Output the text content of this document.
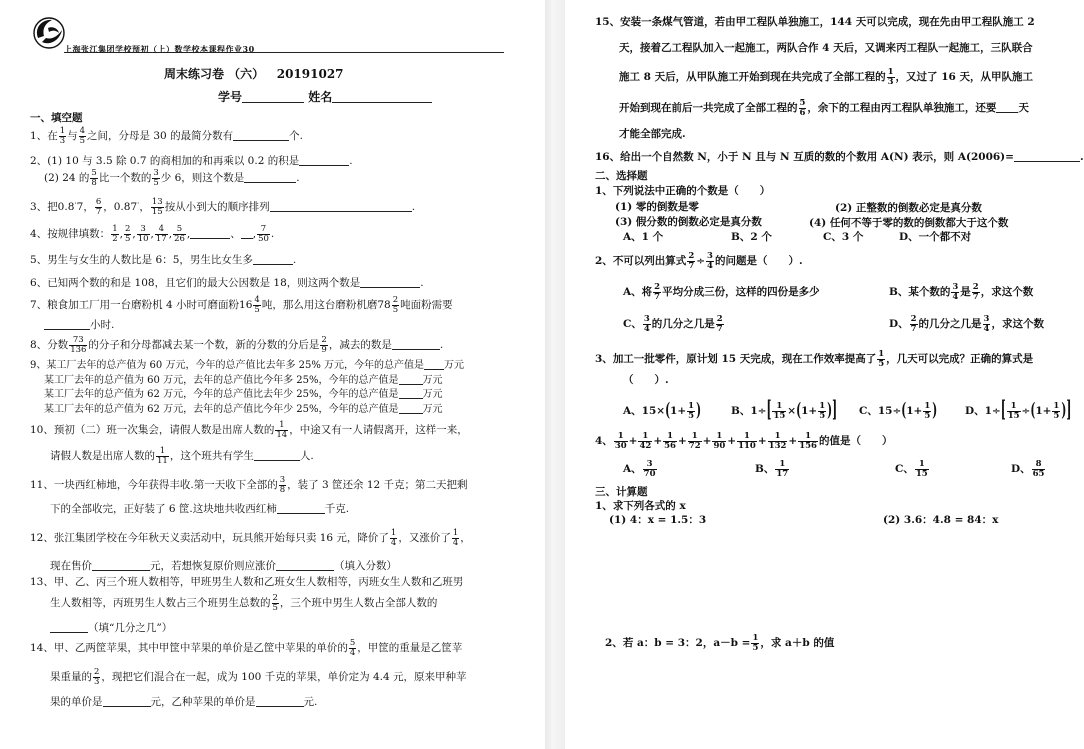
上海张江集团学校预初（上）数学校本课程作业30
周末练习卷 （六） 20191027
学号	姓名
一、填空题
1、在 $\frac{1}{3}$ 与 $\frac{4}{5}$ 之间，分母是 30 的最简分数有	个.
2、(1) 10 与 3.5 除 0.7 的商相加的和再乘以 0.2 的积是	.
(2) 24 的 $\frac{5}{8}$ 比一个数的 $\frac{3}{5}$ 少 6，则这个数是	.
3、把0.8·7， $\frac{6}{7}$ ，0.87·， $\frac{13}{15}$ 按从小到大的顺序排列	.
4、按规律填数： $\frac{1}{2}$ , $\frac{2}{5}$ , $\frac{3}{10}$ , $\frac{4}{17}$ , $\frac{5}{26}$ ,	、 , $\frac{7}{50}$ .
5、男生与女生的人数比是 6：5，男生比女生多	.
6、已知两个数的和是 108，且它们的最大公因数是 18，则这两个数是	.
7、粮食加工厂用一台磨粉机 4 小时可磨面粉$16 \frac{4}{5}$ 吨，那么用这台磨粉机磨$78 \frac{2}{5}$ 吨面粉需要
小时.
8、分数 $\frac{73}{136}$ 的分子和分母都减去某一个数，新的分数的分后是 $\frac{2}{9}$ ，减去的数是	.
9、某工厂去年的总产值为 60 万元，今年的总产值比去年多 25% 万元，今年的总产值是 万元
某工厂去年的总产值为 60 万元，去年的总产值比今年多 25%，今年的总产值是 万元
某工厂去年的总产值为 62 万元，今年的总产值比去年少 25%，今年的总产值是 万元
某工厂去年的总产值为 62 万元，去年的总产值比今年少 25%，今年的总产值是 万元
10、预初（二）班一次集会，请假人数是出席人数的 $\frac{1}{14}$ ，中途又有一人请假离开，这样一来，
请假人数是出席人数的 $\frac{1}{11}$ ，这个班共有学生	人.
11、一块西红柿地，今年获得丰收.第一天收下全部的 $\frac{3}{8}$ ，装了 3 筐还余 12 千克；第二天把剩
下的全部收完，正好装了 6 筐.这块地共收西红柿	千克.
12、张江集团学校在今年秋天义卖活动中，玩具熊开始每只卖 16 元，降价了 $\frac{1}{4}$ ，又涨价了 $\frac{1}{4}$ ，
现在售价	元，若想恢复原价则应涨价	（填入分数）
13、甲、乙、丙三个班人数相等，甲班男生人数和乙班女生人数相等，丙班女生人数和乙班男
生人数相等，丙班男生人数占三个班男生总数的 $\frac{2}{5}$ ，三个班中男生人数占全部人数的
（填“几分之几”）
14、甲、乙两筐苹果，其中甲筐中苹果的单价是乙筐中苹果的单价的 $\frac{5}{4}$ ，甲筐的重量是乙筐苹
果重量的 $\frac{2}{3}$ ，现把它们混合在一起，成为 100 千克的苹果，单价定为 4.4 元，原来甲种苹
果的单价是	元，乙种苹果的单价是	元.
15、安装一条煤气管道，若由甲工程队单独施工，144 天可以完成，现在先由甲工程队施工 2
天，接着乙工程队加入一起施工，两队合作 4 天后，又调来丙工程队一起施工，三队联合
施工 8 天后，从甲队施工开始到现在共完成了全部工程的 $\frac{1}{3}$ ，又过了 16 天，从甲队施工
开始到现在前后一共完成了全部工程的 $\frac{5}{6}$ ，余下的工程由丙工程队单独施工，还要 天
才能全部完成.
16、给出一个自然数 N，小于 N 且与 N 互质的数的个数用 A(N) 表示，则 A(2006)=	.
二、选择题
1、下列说法中正确的个数是（　　）
(1) 零的倒数是零	(2) 正整数的倒数必定是真分数
(3) 假分数的倒数必定是真分数	(4) 任何不等于零的数的倒数都大于这个数
A、1 个	B、2 个	C、3 个	D、一个都不对
2、不可以列出算式 $\frac{2}{7} \div \frac{3}{4}$ 的问题是（　　）.
A、将 $\frac{2}{7}$ 平均分成三份，这样的四份是多少	B、某个数的 $\frac{3}{4}$ 是 $\frac{2}{7}$ ，求这个数
C、 $\frac{3}{4}$ 的几分之几是 $\frac{2}{7}$	D、 $\frac{2}{7}$ 的几分之几是 $\frac{3}{4}$ ，求这个数
3、加工一批零件，原计划 15 天完成，现在工作效率提高了 $\frac{1}{5}$ ，几天可以完成？正确的算式是
（　　）.
A、$15\times(1+ \frac{1}{5}$ )	B、$1\div[ \frac{1}{15} \times(1+ \frac{1}{5}$ )] C、$15\div(1+ \frac{1}{5}$ )	D、$1\div[ \frac{1}{15} \div(1+ \frac{1}{5}$ )]
4、 $\frac{1}{30} + \frac{1}{42} + \frac{1}{56} + \frac{1}{72} + \frac{1}{90} + \frac{1}{110} + \frac{1}{132} + \frac{1}{156}$ 的值是（　　）
A、 $\frac{3}{70}$	B、 $\frac{1}{17}$	C、 $\frac{1}{15}$	D、 $\frac{8}{65}$
三、计算题
1、求下列各式的 x
(1) 4：x = 1.5：3	(2) 3.6：4.8 = 84：x
2、若 a：b = 3：2，$a-b = \frac{1}{5}$ ，求 a＋b 的值
